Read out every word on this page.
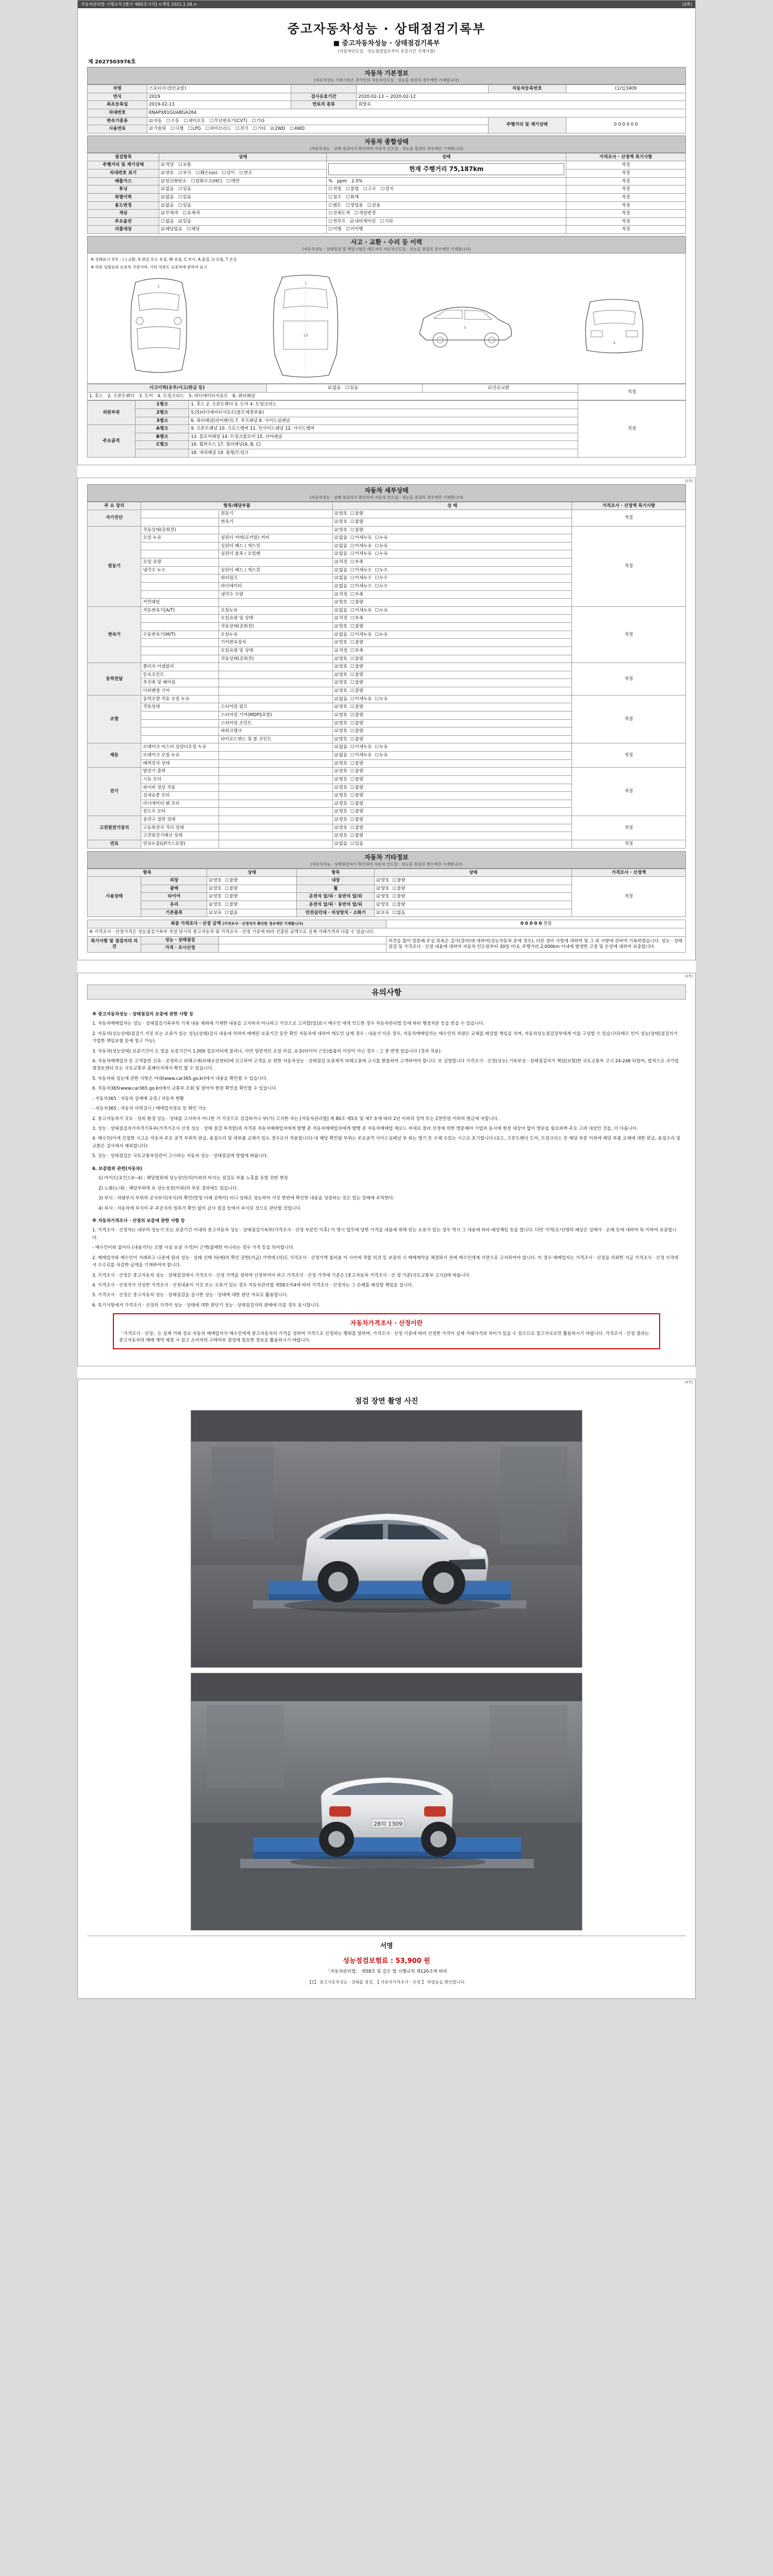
자동차관리법 시행규칙 [별지 제82호서식] <개정 2021.1.18.>	(3쪽)
중고자동차성능 · 상태점검기록부
■ 중고자동차성능 · 상태점검기록부
(자동차인도일 · 성능점검일로부터 보증기간 기재사항)
제 2627503976호
자동차 기본정보
(자동차성능 기록기록은 총사인의 자동차인도일 · 성능을 점검의 경우에만 기재합니다)
차명	스포티지 (5인승알)			자동차등록번호	(1)입3409
연식	2019	검사유효기간	2020-02-13 ~ 2020-02-12		
최초등록일	2019-02-13	연료의 종류	휘발유		
차대번호	KNAPX81GUABGA264				
변속기종류	☑ 자동 ☐ 수동 ☐ 세미오토 ☐ 무단변속기(CVT) ☐ 기타			주행거리 및 계기상태	0 0 0 0 0 0
사용연료	☑ 가솔린 ☐ 디젤 ☐ LPG ☐ 하이브리드 ☐ 전기 ☐ 기타 ☑ 2WD ☐ 4WD
자동차 종합상태
(자동차성능 · 상태 점검자가 확인하여 자동차 인도일 · 성능을 점검의 경우에만 기재합니다)
점검항목	상태	상태	가격조사 · 산정액 특기사항
주행거리 및 계기상태	☑ 적당 ☐ 보통	현재 주행거리 75,187km	적정
차대번호 표기	☑ 양호 ☐ 부식 ☐ 훼손(oo) ☐ 상이 ☐ 변조		적정
배출가스	☑ 일산화탄소 ☐ 탄화수소(HC) ☐ 매연	% ppm 2.0%	적정
튜닝	☑ 없음 ☐ 있음	☐ 적법 ☐ 불법 ☐ 구조 ☐ 장치	적정
특별이력	☑ 없음 ☐ 있음	☐ 침수 ☐ 화재	적정
용도변경	☑ 없음 ☐ 있음	☐ 렌트 ☐ 영업용 ☐ 관용	적정
색상	☑ 무채색 ☐ 유채색	☐ 전체도색 ☐ 색상변경	적정
주요옵션	☐ 없음 ☑ 있음	☐ 썬루프 ☑ 내비게이션 ☐ 기타	적정
리콜대상	☑ 해당없음 ☐ 해당	☐ 이행 ☐ 미이행	적정
사고 · 교환 · 수리 등 이력
(자동차성능 · 상태점검 및 책임시험은 매도자의 자동차인도일 · 성능을 점검의 경우에만 기재합니다)
※ 상태표시 부호 : ( ) 교환, X 판금 또는 용접, W 용접, C 부식, A 흠집, U 요철, T 손상
※ 하단 일람표와 승용차 기준이며, 기타 차종도 승용차에 준하여 표시
1
7
13
3
4
사고이력(유무/사고/판금 등)	☑없음 ☐ 있음	☑단순교환	적정
1. 후드 2. 프론트펜더 3. 도어 4. 트렁크리드 5. 라디에이터서포트 6. 쿼터패널
외판부위	1랭크	1. 후드 2. 프론트펜더 3. 도어 4. 트렁크리드	적정
	2랭크	5.(5)라디에이터서포트(볼트체결부품)	
	3랭크	6. 쿼터패널(리어펜더) 7. 루프패널 8. 사이드실패널	
주요골격	A랭크	9. 프론트패널 10. 크로스멤버 11. 인사이드패널 12. 사이드멤버	
	B랭크	13. 플로어패널 14. 트렁크플로어 15. 리어패널	
	C랭크	16. 휠하우스 17. 필러패널(A, B, C)	
		18. 대쉬패널 19. 룸형/트렁크	
(2쪽)
자동차 세부상태
(자동차성능 · 상태 점검자가 확인하여 자동차 인도일 · 성능을 점검의 경우에만 기재합니다)
주 요 장치	항목/해당부품		상 태	가격조사 · 산정액 특기사항
자기진단		원동기	☑ 양호 ☐ 불량	적정
		변속기	☑ 양호 ☐ 불량
원동기	작동상태(공회전)		☑ 양호 ☐ 불량	적정
	오일 누유	실린더 커버(로커암) 커버	☑ 없음 ☐ 미세누유 ☐ 누유
		실린더 헤드 / 개스킷	☑ 없음 ☐ 미세누유 ☐ 누유
		실린더 블록 / 오일팬	☑ 없음 ☐ 미세누유 ☐ 누유
	오일 유량		☑ 적정 ☐ 부족
	냉각수 누수	실린더 헤드 / 개스킷	☑ 없음 ☐ 미세누수 ☐ 누수
		워터펌프	☑ 없음 ☐ 미세누수 ☐ 누수
		라디에이터	☑ 없음 ☐ 미세누수 ☐ 누수
		냉각수 수량	☑ 적정 ☐ 부족
	커먼레일		☑ 양호 ☐ 불량
변속기	자동변속기(A/T)	오일누유	☑ 없음 ☐ 미세누유 ☐ 누유	적정
		오일유량 및 상태	☑ 적정 ☐ 부족
		작동상태(공회전)	☑ 양호 ☐ 불량
	수동변속기(M/T)	오일누유	☑ 없음 ☐ 미세누유 ☐ 누유
		기어변속장치	☑ 양호 ☐ 불량
		오일유량 및 상태	☑ 적정 ☐ 부족
		작동상태(공회전)	☑ 양호 ☐ 불량
동력전달	클러치 어셈블리		☑ 양호 ☐ 불량	적정
	등속조인트		☑ 양호 ☐ 불량
	추진축 및 베어링		☑ 양호 ☐ 불량
	디퍼렌셜 기어		☑ 양호 ☐ 불량
조향	동력조향 작동 오일 누유		☑ 없음 ☐ 미세누유 ☐ 누유	적정
	작동상태	스티어링 펌프	☑ 양호 ☐ 불량
		스티어링 기어(MDPS포함)	☑ 양호 ☐ 불량
		스티어링 조인트	☑ 양호 ☐ 불량
		파워크랭크	☑ 양호 ☐ 불량
		타이로드엔드 및 볼 조인트	☑ 양호 ☐ 불량
제동	브레이크 마스터 실린더오일 누유		☑ 없음 ☐ 미세누유 ☐ 누유	적정
	브레이크 오일 누유		☑ 없음 ☐ 미세누유 ☐ 누유
	배력장치 상태		☑ 양호 ☐ 불량
전기	발전기 출력		☑ 양호 ☐ 불량	적정
	시동 모터		☑ 양호 ☐ 불량
	와이퍼 정상 작동		☑ 양호 ☐ 불량
	실내송풍 모터		☑ 양호 ☐ 불량
	라디에이터 팬 모터		☑ 양호 ☐ 불량
	윈도우 모터		☑ 양호 ☐ 불량
고전원전기장치	충전구 절연 상태		☑ 양호 ☐ 불량	적정
	구동축전지 격리 상태		☑ 양호 ☐ 불량
	고전원전기배선 상태		☑ 양호 ☐ 불량
연료	연료누출(LP가스포함)		☑ 없음 ☐ 있음	적정
자동차 기타정보
(자동차성능 · 상태점검자가 확인하여 자동차 인도일 · 성능을 점검의 경우에만 기재합니다)
항목		상태	항목	상태	가격조사 · 산정액
사용상태	외장	☑ 양호 ☐ 불량	내장	☑ 양호 ☐ 불량	적정
	광택	☑ 양호 ☐ 불량	휠	☑ 양호 ☐ 불량
	타이어	☑ 양호 ☐ 불량	운전석 앞/뒤 · 동반석 앞/뒤	☑ 양호 ☐ 불량
	유리	☑ 양호 ☐ 불량	운전석 앞/뒤 · 동반석 앞/뒤	☑ 양호 ☐ 불량
	기본품목	☑ 보유 ☐ 없음	안전삼각대 · 비상망치 · 소화기	☑ 보유 ☐ 없음
최종 가격조사 · 산정 금액 (가격조사 · 산정자가 확인한 경우에만 기재합니다)			0 0 0 0 0 천원
※ 가격조사 · 산정가격은 성능점검기록부 작성 당시의 중고자동차 및 가격조사 · 산정 기준에 따라 산출된 금액으로 실제 거래가격과 다를 수 있습니다.			
특기사항 및 점검자의 의견	성능 · 상태점검		의견을 많이 말씀해 주실 목록은 검사(정비)에 대하여(성능자동차 문제 경우), 다른 정비 사항에 대하여 및 그 외 사항에 관하여 기록하였습니다. 성능 · 상태점검 및 가격조사 · 산정 내용에 대하여 자동차 인도일부터 30일 이내, 주행거리 2,000km 이내에 발생한 고장 및 손상에 대하여 보증합니다.
	가격 · 조사산정		
(3쪽)
유의사항
※ 중고자동차성능 · 상태점검의 보증에 관한 사항 등

1. 자동차매매업자는 성능 · 상태점검기록부의 기재 내용 제외에 기재한 내용을 고지하지 아니하고 거짓으로 고지할(있)표시 매수인 에게 인도한 경우 자동차관리법 등에 따라 행정처분 등을 받을 수 있습니다.

2. 자동차(성능상태)점검기 거짓 또는 오류가 있는 성능(상태)검사 내용에 의하여 매매된 보증기간 동안 확인 자동차에 대하여 매도인 남게 경우 : 내용가 다른 경우, 자동차매매업자는 매수인의 차량은 교체를 배상할 책임을 지며, 자동차성능점검장부에게 이를 구상할 수 있습니다(매수 인이 성능(상태)점검자가 기업한 책임보험 등에 청구 가능).

3. 자동차(성능상태) 보증기간이 도 일을 보증기간이 1,000 킬로미터에 불과나, 다만 일반적인 오일 마감, 보증(타이어 근등)물품의 이상이 아닌 경우 : 그 중 반영 있습니다 (경과 적용).

4. 자동차매매업자 등 고객불편 신속 · 공정하고 피해구제(피해보상센터)에 신고하여 고객을 보 편한 자동차성능 · 상태점검 보증제적 피해고충에 고시를 환불하여 고객하여야 합니다. 또 실명합니다 가격조사 · 산정(성능) 기록부상 · 상태점검자가 책임(보험)한 국토교통부 고시 24-246 되었어, 법적으로 국가법령정보센터 또는 국토교통부 홈페이지에서 확인 할 수 있습니다.

5. 자동차와 성능에 관한 사항은 아래(www.car365.go.kr)에서 내용을 확인할 수 있습니다.

6. 자동차365(www.car365.go.kr)에서 교통부 조회 및 알아야 한편 확인을 확인할 수 있습니다.

- 자동차365 : 자동차 실매매 규정 / 자동차 현황

- 자동차365 : 자동차 이력검사 / 매매업자정보 등 확인 가능

2. 중고자동차가 국토 · 상피 환경 성능 · 상태를 고지하지 아니한 가 거짓으로 검검하거나 부(가) 고지한 자는 [자동차관리법] 제 80조 제5호 및 제7 호에 따라 2년 이하의 징역 또는 2천만원 이하의 벌금에 처합니다.

3. 성능 · 상태점검자가자격기록부(가격기조사 산정 성능 · 상태 점검 부적합)과 자격증 자동차매매업자에게 발행 준 자동차매매업자에게 발행 준 자동차매매업 체로드 씨대로 잘라 선정에 의한 방문해야 기업과 동시에 현장 대상이 없이 방문을 필요하며 주요 고려 대상인 것을, 더 다릅니다.

4. 매수인(이에 간접한 시고로 자동차 주요 골격 부위의 판금, 용접수리 및 대부품 교체가 있는 경우로서 적용합니다) 내 해당 확인됨 부위는 주요골격 사이드실패널 부 위는 열기 등 수체 수있는 시고로 표기합니다 (포도, 프론트펜더 도어, 트렁크리드 등 해당 부분 이외에 해당 부품 교체에 대한 판금, 용접수리 및 교환은 검사에서 제외합니다)

5. 성능 · 상태점검은 국토교통부장관이 고시하는 자동차 성능 · 상태점검에 방법에 따릅니다.

6. 보증범위 관련(자동차)

1) 마이트(포인드0~4) : 해당범위에 성능상단(의)이외의 비지는 점검로 부품 노후를 포함 전반 현상

2) 노화(노내) : 해당부위에 보 성능성장(이외)의 부분 경과에도 있습니다.

3) 부식 : 차량부식 부위의 공식부식(부식)의 확인(방청 더해 공학이) 터니 상태로 성능하여 거짓 한번에 확인한 내용을 성장하는 것은 있는 상태에 주의한다.

4) 부식 : 자동차에 부식이 주 주공지의 일부가 확인 없이 감사 점검 등에서 부식된 것으로 판단할 것입니다.

※ 자동차가격조사 · 산정의 보증에 관한 사항 등

1. 가격조사 · 산정자는 내부의 성능기 또는 보증기간 이내의 중고자동차 성능 · 상태점검기록부(가격조사 · 산정 부분인 이후) 이 명시 업무에 당한 가격을 내용에 위해 믿는 오류가 있는 경우 역시 그 내용에 따라 배상책임 등을 합니다. 다만 가격(조사)명의 배상은 실매가 · 손해 등에 대하여 특 이하여 보증합니다.

- 매수인이와 불이다 (내용가?는 모발 사실 보증 가격)이 근액(불매한 아니라는 경우 가격 등을 의미합니다.

2. 매매업자와 매수인이 거래하고 나중에 달라 성능 · 상태 선택 차(예)의 확인 권한(지급) 가액에 (의)도 가격조사 · 산정가액 불러올 이 사이에 적합 의견 등 보증의 시 매매계약을 체결하기 전에 매수인에게 서면으로 고지하여야 합니다. 이 경우 매매업자는 가격조사 · 산정을 의뢰한 지급 가격조사 · 산정 가격에서 수수료를 차감한 금액을 기재하여야 합니다.

3. 가격조사 · 산정은 중고자동차 성능 · 상태점검에서 가격조사 · 산정 가액을 정하여 산정하여야 하고 가격조사 · 산정 가격에 기준은 [중고자동차 가격조사 · 산 정 기준(국토교통부 고시)]에 따릅니다.

4. 가격조사 · 산정자가 작성한 가격조사 · 산정내용이 거짓 또는 오류가 있는 경우 자동차관리법 제58조의4에 따라 가격조사 · 산정자는 그 손해를 배상할 책임을 집니다.

5. 가격조사 · 산정은 중고자동차 성능 · 상태점검을 실시한 성능 · 상태에 대한 판단 자료로 활용합니다.

6. 특기사항에서 가격조사 · 산정의 가격이 성능 · 상태에 대한 판단기 성능 · 상태점검자의 판매에 다를 경우 표시합니다.

자동차가격조사 · 산정이란

「가격조사 · 산정」은 실제 거래 정보 자동차 매매업자가 매수인에게 중고자동차의 가격을 정하여 가격으로 산정하는 행위를 말하며, 가격조사 · 산정 기준에 따라 산정한 가격이 실제 거래가격과 차이가 있을 수 있으므로 참고자료로만 활용하시기 바랍니다. 가격조사 · 산정 결과는 중고자동차의 매매 계약 체결 시 참고 소비자의 구매여부 결정에 필요한 정보로 활용하시기 바랍니다.

(4쪽)
점검 장면 촬영 사진
28허 1309
서명
성능점검보험료 : 53,900 원
「자동차관리법」 제58조 및 같은 법 시행규칙 제120조에 따라
【1】 중고자동차성능 · 상태를 점검, 【 자동차가격조사 · 산정 】 하였음을 확인합니다.
